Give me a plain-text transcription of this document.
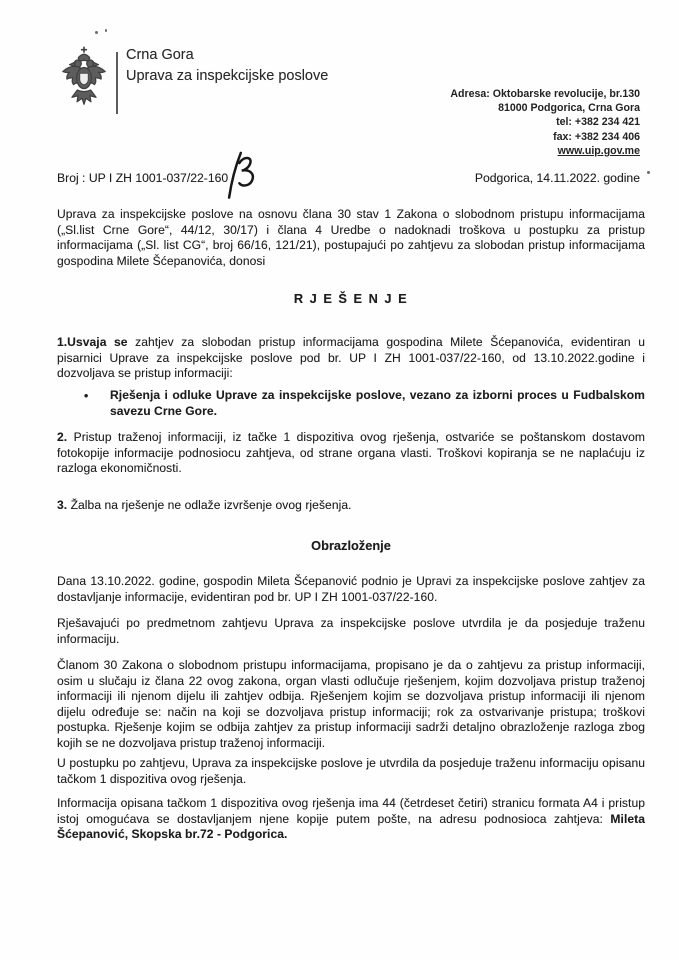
Crna Gora
Uprava za inspekcijske poslove
Adresa: Oktobarske revolucije, br.130
81000 Podgorica, Crna Gora
tel: +382 234 421
fax: +382 234 406
www.uip.gov.me
Broj : UP I ZH 1001-037/22-160	Podgorica, 14.11.2022. godine

Uprava za inspekcijske poslove na osnovu člana 30 stav 1 Zakona o slobodnom pristupu informacijama („Sl.list Crne Gore“, 44/12, 30/17) i člana 4 Uredbe o nadoknadi troškova u postupku za pristup informacijama („Sl. list CG“, broj 66/16, 121/21), postupajući po zahtjevu za slobodan pristup informacijama gospodina Milete Šćepanovića, donosi

R J E Š E N J E

1.Usvaja se zahtjev za slobodan pristup informacijama gospodina Milete Šćepanovića, evidentiran u pisarnici Uprave za inspekcijske poslove pod br. UP I ZH 1001-037/22-160, od 13.10.2022.godine i dozvoljava se pristup informaciji:

• Rješenja i odluke Uprave za inspekcijske poslove, vezano za izborni proces u Fudbalskom savezu Crne Gore.

2. Pristup traženoj informaciji, iz tačke 1 dispozitiva ovog rješenja, ostvariće se poštanskom dostavom fotokopije informacije podnosiocu zahtjeva, od strane organa vlasti. Troškovi kopiranja se ne naplaćuju iz razloga ekonomičnosti.

3. Žalba na rješenje ne odlaže izvršenje ovog rješenja.

Obrazloženje

Dana 13.10.2022. godine, gospodin Mileta Šćepanović podnio je Upravi za inspekcijske poslove zahtjev za dostavljanje informacije, evidentiran pod br. UP I ZH 1001-037/22-160.

Rješavajući po predmetnom zahtjevu Uprava za inspekcijske poslove utvrdila je da posjeduje traženu informaciju.

Članom 30 Zakona o slobodnom pristupu informacijama, propisano je da o zahtjevu za pristup informaciji, osim u slučaju iz člana 22 ovog zakona, organ vlasti odlučuje rješenjem, kojim dozvoljava pristup traženoj informaciji ili njenom dijelu ili zahtjev odbija. Rješenjem kojim se dozvoljava pristup informaciji ili njenom dijelu određuje se: način na koji se dozvoljava pristup informaciji; rok za ostvarivanje pristupa; troškovi postupka. Rješenje kojim se odbija zahtjev za pristup informaciji sadrži detaljno obrazloženje razloga zbog kojih se ne dozvoljava pristup traženoj informaciji.

U postupku po zahtjevu, Uprava za inspekcijske poslove je utvrdila da posjeduje traženu informaciju opisanu tačkom 1 dispozitiva ovog rješenja.

Informacija opisana tačkom 1 dispozitiva ovog rješenja ima 44 (četrdeset četiri) stranicu formata A4 i pristup istoj omogućava se dostavljanjem njene kopije putem pošte, na adresu podnosioca zahtjeva: Mileta Šćepanović, Skopska br.72 - Podgorica.
